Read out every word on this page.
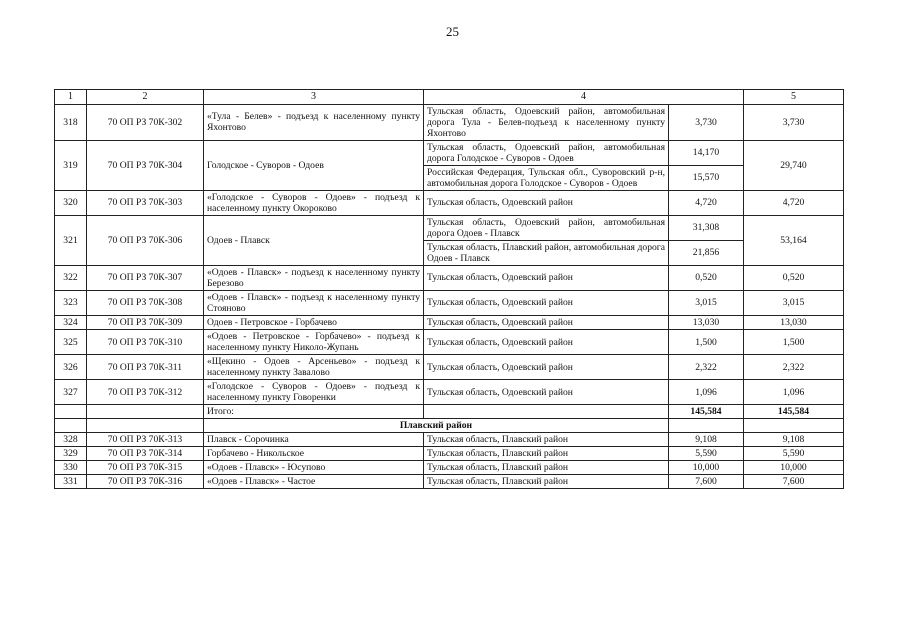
25
1	2	3	4		5
318	70 ОП РЗ 70К-302	«Тула - Белев» - подъезд к населенному пункту Яхонтово	Тульская область, Одоевский район, автомобильная дорога Тула - Белев-подъезд к населенному пункту Яхонтово	3,730	3,730
319	70 ОП РЗ 70К-304	Голодское - Суворов - Одоев	Тульская область, Одоевский район, автомобильная дорога Голодское - Суворов - Одоев	14,170	29,740
			Российская Федерация, Тульская обл., Суворовский р-н, автомобильная дорога Голодское - Суворов - Одоев	15,570	
320	70 ОП РЗ 70К-303	«Голодское - Суворов - Одоев» - подъезд к населенному пункту Окороково	Тульская область, Одоевский район	4,720	4,720
321	70 ОП РЗ 70К-306	Одоев - Плавск	Тульская область, Одоевский район, автомобильная дорога Одоев - Плавск	31,308	53,164
			Тульская область, Плавский район, автомобильная дорога Одоев - Плавск	21,856	
322	70 ОП РЗ 70К-307	«Одоев - Плавск» - подъезд к населенному пункту Березово	Тульская область, Одоевский район	0,520	0,520
323	70 ОП РЗ 70К-308	«Одоев - Плавск» - подъезд к населенному пункту Стояново	Тульская область, Одоевский район	3,015	3,015
324	70 ОП РЗ 70К-309	Одоев - Петровское - Горбачево	Тульская область, Одоевский район	13,030	13,030
325	70 ОП РЗ 70К-310	«Одоев - Петровское - Горбачево» - подъезд к населенному пункту Николо-Жупань	Тульская область, Одоевский район	1,500	1,500
326	70 ОП РЗ 70К-311	«Щекино - Одоев - Арсеньево» - подъезд к населенному пункту Завалово	Тульская область, Одоевский район	2,322	2,322
327	70 ОП РЗ 70К-312	«Голодское - Суворов - Одоев» - подъезд к населенному пункту Говоренки	Тульская область, Одоевский район	1,096	1,096
		Итого:		145,584	145,584
		Плавский район			
328	70 ОП РЗ 70К-313	Плавск - Сорочинка	Тульская область, Плавский район	9,108	9,108
329	70 ОП РЗ 70К-314	Горбачево - Никольское	Тульская область, Плавский район	5,590	5,590
330	70 ОП РЗ 70К-315	«Одоев - Плавск» - Юсупово	Тульская область, Плавский район	10,000	10,000
331	70 ОП РЗ 70К-316	«Одоев - Плавск» - Частое	Тульская область, Плавский район	7,600	7,600
